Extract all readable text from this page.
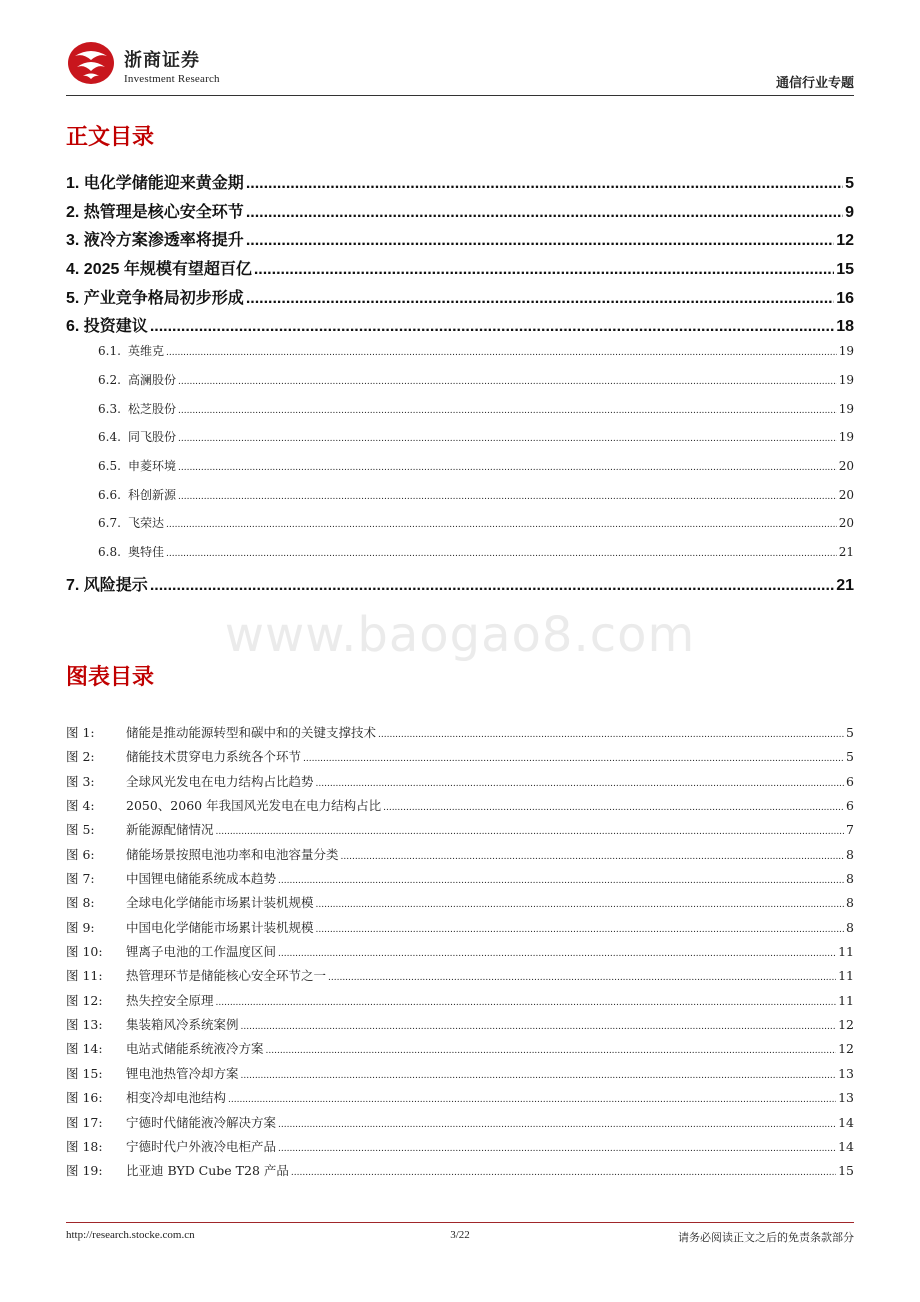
浙商证券
Investment Research	通信行业专题
正文目录
1. 电化学储能迎来黄金期 .....	5
2. 热管理是核心安全环节 .....	9
3. 液冷方案渗透率将提升 .....	12
4. 2025 年规模有望超百亿 .....	15
5. 产业竞争格局初步形成 .....	16
6. 投资建议 .....	18
6.1. 英维克 .....	19
6.2. 高澜股份 .....	19
6.3. 松芝股份 .....	19
6.4. 同飞股份 .....	19
6.5. 申菱环境 .....	20
6.6. 科创新源 .....	20
6.7. 飞荣达 .....	20
6.8. 奥特佳 .....	21
7. 风险提示 .....	21
www.baogao8.com
图表目录
图 1:	储能是推动能源转型和碳中和的关键支撑技术 .....	5
图 2:	储能技术贯穿电力系统各个环节 .....	5
图 3:	全球风光发电在电力结构占比趋势 .....	6
图 4:	2050、2060 年我国风光发电在电力结构占比 .....	6
图 5:	新能源配储情况 .....	7
图 6:	储能场景按照电池功率和电池容量分类 .....	8
图 7:	中国锂电储能系统成本趋势 .....	8
图 8:	全球电化学储能市场累计装机规模 .....	8
图 9:	中国电化学储能市场累计装机规模 .....	8
图 10: 锂离子电池的工作温度区间 .....	11
图 11: 热管理环节是储能核心安全环节之一 .....	11
图 12: 热失控安全原理 .....	11
图 13: 集装箱风冷系统案例 .....	12
图 14: 电站式储能系统液冷方案 .....	12
图 15: 锂电池热管冷却方案 .....	13
图 16: 相变冷却电池结构 .....	13
图 17: 宁德时代储能液冷解决方案 .....	14
图 18: 宁德时代户外液冷电柜产品 .....	14
图 19: 比亚迪 BYD Cube T28 产品 .....	15
3/22
http://research.stocke.com.cn	请务必阅读正文之后的免责条款部分
